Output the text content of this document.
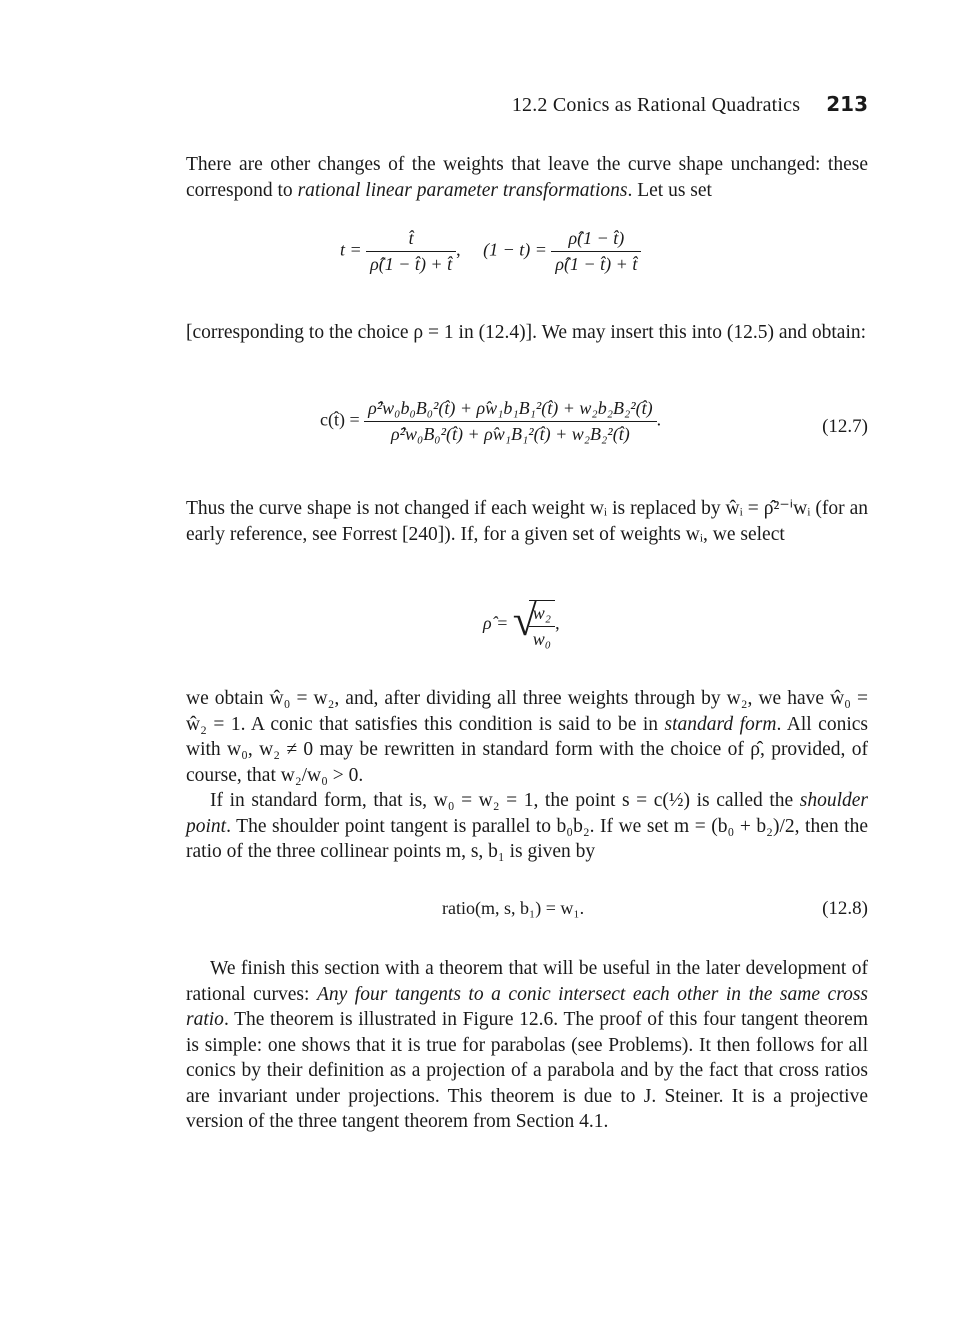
12.2 Conics as Rational Quadratics 213

There are other changes of the weights that leave the curve shape unchanged: these correspond to rational linear parameter transformations. Let us set

$t = \frac{t̂}{\rhô(1 - t̂) + t̂}$ , $(1 - t) = \frac{\rhô(1 - t̂)}{\rhô(1 - t̂) + t̂}$

[corresponding to the choice ρ = 1 in (12.4)]. We may insert this into (12.5) and obtain:

c(t̂) = $\frac{\text{ρ̂²w₀b₀B₀²(t̂) + ρ̂w₁b₁B₁²(t̂) + w₂b₂B₂²(t̂)}}{\text{ρ̂²w₀B₀²(t̂) + ρ̂w₁B₁²(t̂) + w₂B₂²(t̂)}}$ .	(12.7)

Thus the curve shape is not changed if each weight wᵢ is replaced by ŵᵢ = ρ̂²⁻ⁱwᵢ (for an early reference, see Forrest [240]). If, for a given set of weights wᵢ, we select

ρ̂ = √
$\frac{\text{w₂}}{\text{w₀}}$ ,

we obtain ŵ₀ = w₂, and, after dividing all three weights through by w₂, we have ŵ₀ = ŵ₂ = 1. A conic that satisfies this condition is said to be in standard form. All conics with w₀, w₂ ≠ 0 may be rewritten in standard form with the choice of ρ̂, provided, of course, that w₂/w₀ > 0.

If in standard form, that is, w₀ = w₂ = 1, the point s = c(½) is called the shoulder point. The shoulder point tangent is parallel to b₀b₂. If we set m = (b₀ + b₂)/2, then the ratio of the three collinear points m, s, b₁ is given by

ratio(m, s, b₁) = w₁.	(12.8)

We finish this section with a theorem that will be useful in the later development of rational curves: Any four tangents to a conic intersect each other in the same cross ratio. The theorem is illustrated in Figure 12.6. The proof of this four tangent theorem is simple: one shows that it is true for parabolas (see Problems). It then follows for all conics by their definition as a projection of a parabola and by the fact that cross ratios are invariant under projections. This theorem is due to J. Steiner. It is a projective version of the three tangent theorem from Section 4.1.
